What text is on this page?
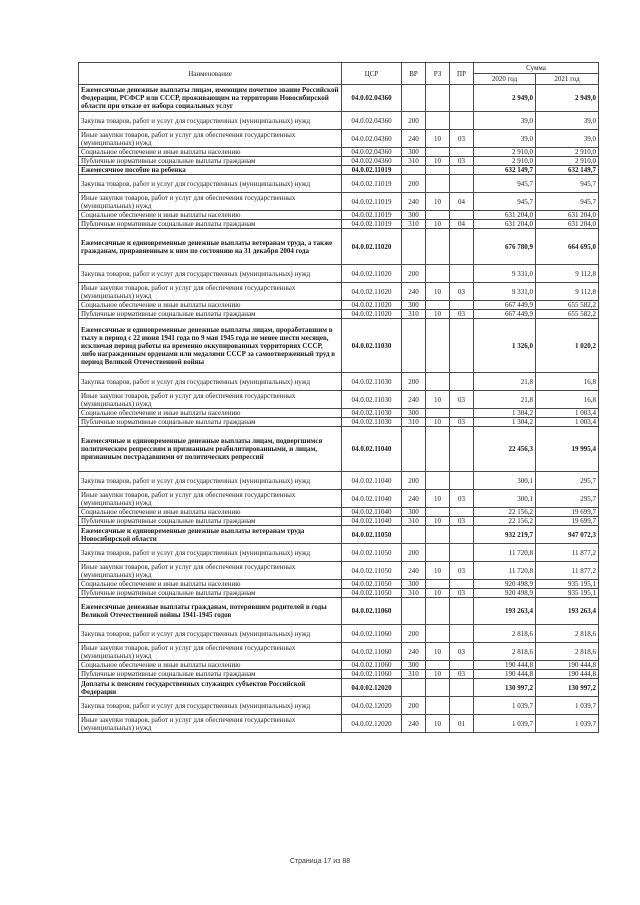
Наименование	ЦСР	ВР	РЗ	ПР	Сумма	
					2020 год	2021 год
Ежемесячные денежные выплаты лицам, имеющим почетное звание Российской Федерации, РСФСР или СССР, проживающим на территории Новосибирской области при отказе от набора социальных услуг	04.0.02.04360				2 949,0	2 949,0
Закупка товаров, работ и услуг для государственных (муниципальных) нужд	04.0.02.04360	200			39,0	39,0
Иные закупки товаров, работ и услуг для обеспечения государственных (муниципальных) нужд	04.0.02.04360	240	10	03	39,0	39,0
Социальное обеспечение и иные выплаты населению	04.0.02.04360	300			2 910,0	2 910,0
Публичные нормативные социальные выплаты гражданам	04.0.02.04360	310	10	03	2 910,0	2 910,0
Ежемесячное пособие на ребенка	04.0.02.11019				632 149,7	632 149,7
Закупка товаров, работ и услуг для государственных (муниципальных) нужд	04.0.02.11019	200			945,7	945,7
Иные закупки товаров, работ и услуг для обеспечения государственных (муниципальных) нужд	04.0.02.11019	240	10	04	945,7	945,7
Социальное обеспечение и иные выплаты населению	04.0.02.11019	300			631 204,0	631 204,0
Публичные нормативные социальные выплаты гражданам	04.0.02.11019	310	10	04	631 204,0	631 204,0
Ежемесячные и единовременные денежные выплаты ветеранам труда, а также гражданам, приравненным к ним по состоянию на 31 декабря 2004 года	04.0.02.11020				676 780,9	664 695,0
Закупка товаров, работ и услуг для государственных (муниципальных) нужд	04.0.02.11020	200			9 331,0	9 112,8
Иные закупки товаров, работ и услуг для обеспечения государственных (муниципальных) нужд	04.0.02.11020	240	10	03	9 331,0	9 112,8
Социальное обеспечение и иные выплаты населению	04.0.02.11020	300			667 449,9	655 582,2
Публичные нормативные социальные выплаты гражданам	04.0.02.11020	310	10	03	667 449,9	655 582,2
Ежемесячные и единовременные денежные выплаты лицам, проработавшим в тылу в период с 22 июня 1941 года по 9 мая 1945 года не менее шести месяцев, исключая период работы на временно оккупированных территориях СССР, либо награжденным орденами или медалями СССР за самоотверженный труд в период Великой Отечественной войны	04.0.02.11030				1 326,0	1 020,2
Закупка товаров, работ и услуг для государственных (муниципальных) нужд	04.0.02.11030	200			21,8	16,8
Иные закупки товаров, работ и услуг для обеспечения государственных (муниципальных) нужд	04.0.02.11030	240	10	03	21,8	16,8
Социальное обеспечение и иные выплаты населению	04.0.02.11030	300			1 304,2	1 003,4
Публичные нормативные социальные выплаты гражданам	04.0.02.11030	310	10	03	1 304,2	1 003,4
Ежемесячные и единовременные денежные выплаты лицам, подвергшимся политическим репрессиям и признанным реабилитированными, и лицам, признанным пострадавшими от политических репрессий	04.0.02.11040				22 456,3	19 995,4
Закупка товаров, работ и услуг для государственных (муниципальных) нужд	04.0.02.11040	200			300,1	295,7
Иные закупки товаров, работ и услуг для обеспечения государственных (муниципальных) нужд	04.0.02.11040	240	10	03	300,1	295,7
Социальное обеспечение и иные выплаты населению	04.0.02.11040	300			22 156,2	19 699,7
Публичные нормативные социальные выплаты гражданам	04.0.02.11040	310	10	03	22 156,2	19 699,7
Ежемесячные и единовременные денежные выплаты ветеранам труда Новосибирской области	04.0.02.11050				932 219,7	947 072,3
Закупка товаров, работ и услуг для государственных (муниципальных) нужд	04.0.02.11050	200			11 720,8	11 877,2
Иные закупки товаров, работ и услуг для обеспечения государственных (муниципальных) нужд	04.0.02.11050	240	10	03	11 720,8	11 877,2
Социальное обеспечение и иные выплаты населению	04.0.02.11050	300			920 498,9	935 195,1
Публичные нормативные социальные выплаты гражданам	04.0.02.11050	310	10	03	920 498,9	935 195,1
Ежемесячные денежные выплаты гражданам, потерявшим родителей в годы Великой Отечественной войны 1941-1945 годов	04.0.02.11060				193 263,4	193 263,4
Закупка товаров, работ и услуг для государственных (муниципальных) нужд	04.0.02.11060	200			2 818,6	2 818,6
Иные закупки товаров, работ и услуг для обеспечения государственных (муниципальных) нужд	04.0.02.11060	240	10	03	2 818,6	2 818,6
Социальное обеспечение и иные выплаты населению	04.0.02.11060	300			190 444,8	190 444,8
Публичные нормативные социальные выплаты гражданам	04.0.02.11060	310	10	03	190 444,8	190 444,8
Доплаты к пенсиям государственных служащих субъектов Российской Федерации	04.0.02.12020				130 997,2	130 997,2
Закупка товаров, работ и услуг для государственных (муниципальных) нужд	04.0.02.12020	200			1 039,7	1 039,7
Иные закупки товаров, работ и услуг для обеспечения государственных (муниципальных) нужд	04.0.02.12020	240	10	01	1 039,7	1 039,7
Страница 17 из 88
